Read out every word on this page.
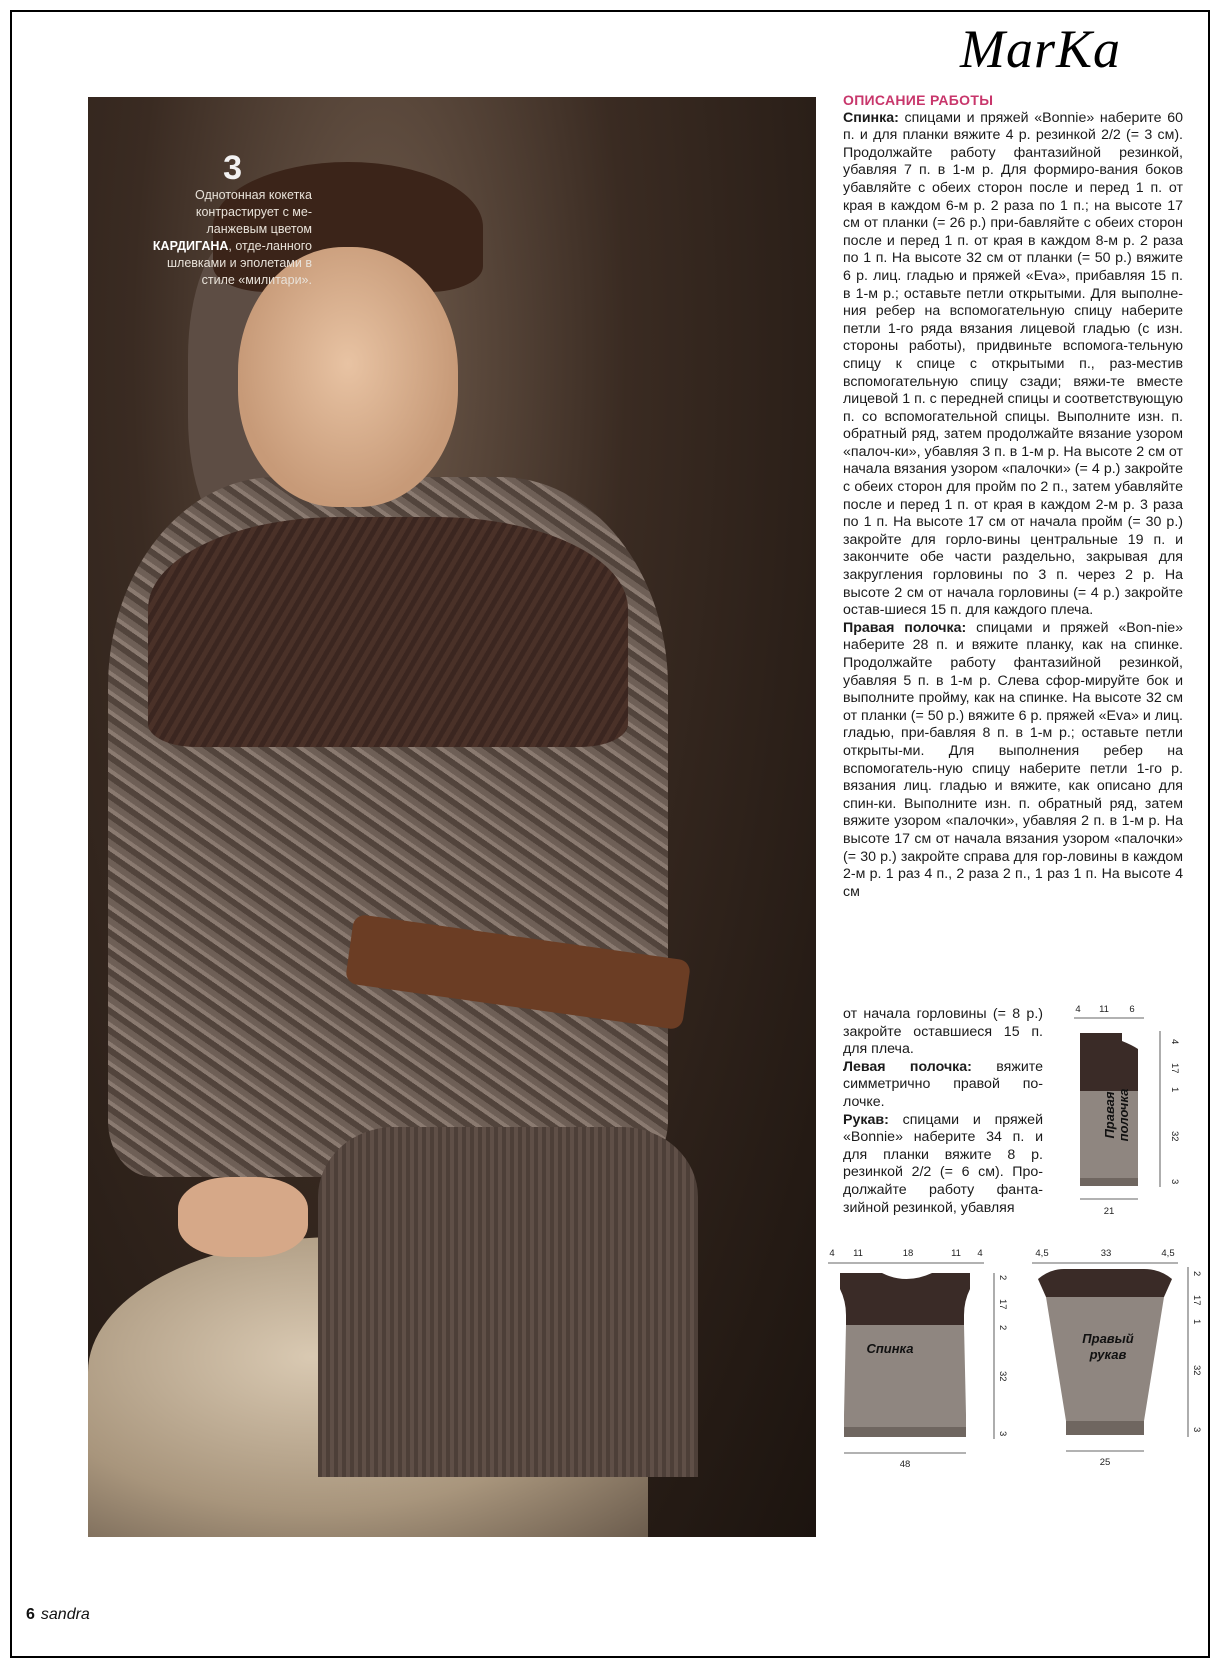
MarKa
3
Однотонная кокетка контрастирует с ме-ланжевым цветом КАРДИГАНА, отде-ланного шлевками и эполетами в стиле «милитари».
ОПИСАНИЕ РАБОТЫ

Спинка: спицами и пряжей «Bonnie» наберите 60 п. и для планки вяжите 4 р. резинкой 2/2 (= 3 см). Продолжайте работу фантазийной резинкой, убавляя 7 п. в 1-м р. Для формиро-вания боков убавляйте с обеих сторон после и перед 1 п. от края в каждом 6-м р. 2 раза по 1 п.; на высоте 17 см от планки (= 26 р.) при-бавляйте с обеих сторон после и перед 1 п. от края в каждом 8-м р. 2 раза по 1 п. На высоте 32 см от планки (= 50 р.) вяжите 6 р. лиц. гладью и пряжей «Eva», прибавляя 15 п. в 1-м р.; оставьте петли открытыми. Для выполне-ния ребер на вспомогательную спицу наберите петли 1-го ряда вязания лицевой гладью (с изн. стороны работы), придвиньте вспомога-тельную спицу к спице с открытыми п., раз-местив вспомогательную спицу сзади; вяжи-те вместе лицевой 1 п. с передней спицы и соответствующую п. со вспомогательной спицы. Выполните изн. п. обратный ряд, затем продолжайте вязание узором «палоч-ки», убавляя 3 п. в 1-м р. На высоте 2 см от начала вязания узором «палочки» (= 4 р.) закройте с обеих сторон для пройм по 2 п., затем убавляйте после и перед 1 п. от края в каждом 2-м р. 3 раза по 1 п. На высоте 17 см от начала пройм (= 30 р.) закройте для горло-вины центральные 19 п. и закончите обе части раздельно, закрывая для закругления горловины по 3 п. через 2 р. На высоте 2 см от начала горловины (= 4 р.) закройте остав-шиеся 15 п. для каждого плеча.

Правая полочка: спицами и пряжей «Bon-nie» наберите 28 п. и вяжите планку, как на спинке. Продолжайте работу фантазийной резинкой, убавляя 5 п. в 1-м р. Слева сфор-мируйте бок и выполните пройму, как на спинке. На высоте 32 см от планки (= 50 р.) вяжите 6 р. пряжей «Eva» и лиц. гладью, при-бавляя 8 п. в 1-м р.; оставьте петли открыты-ми. Для выполнения ребер на вспомогатель-ную спицу наберите петли 1-го р. вязания лиц. гладью и вяжите, как описано для спин-ки. Выполните изн. п. обратный ряд, затем вяжите узором «палочки», убавляя 2 п. в 1-м р. На высоте 17 см от начала вязания узором «палочки» (= 30 р.) закройте справа для гор-ловины в каждом 2-м р. 1 раз 4 п., 2 раза 2 п., 1 раз 1 п. На высоте 4 см

от начала горловины (= 8 р.) закройте оставшиеся 15 п. для плеча.

Левая полочка: вяжите симметрично правой по-лочке.

Рукав: спицами и пряжей «Bonnie» наберите 34 п. и для планки вяжите 8 р. резинкой 2/2 (= 6 см). Про-должайте работу фанта-зийной резинкой, убавляя

4 11 6
4
17
1
32
3
21
Правая полочка
4 11	18	11 4
2
17
2
32
3
48
Спинка
4,5	33	4,5
2
17
1
32
3
25
Правый
рукав
6 sandra
